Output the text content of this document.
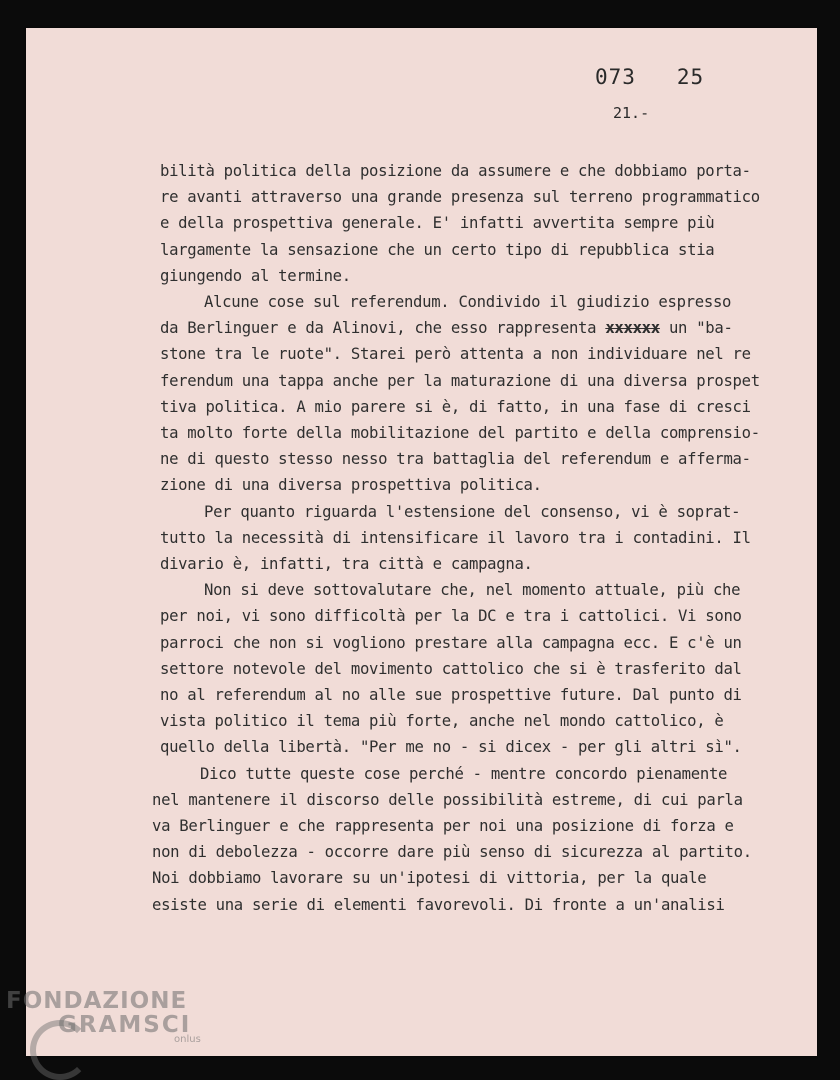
073   25
21.-
bilità politica della posizione da assumere e che dobbiamo porta-
re avanti attraverso una grande presenza sul terreno programmatico
e della prospettiva generale. E' infatti avvertita sempre più
largamente la sensazione che un certo tipo di repubblica stia
giungendo al termine.
Alcune cose sul referendum. Condivido il giudizio espresso
da Berlinguer e da Alinovi, che esso rappresenta xxxxxx un "ba-
stone tra le ruote". Starei però attenta a non individuare nel re
ferendum una tappa anche per la maturazione di una diversa prospet
tiva politica. A mio parere si è, di fatto, in una fase di cresci
ta molto forte della mobilitazione del partito e della comprensio-
ne di questo stesso nesso tra battaglia del referendum e afferma-
zione di una diversa prospettiva politica.
Per quanto riguarda l'estensione del consenso, vi è soprat-
tutto la necessità di intensificare il lavoro tra i contadini. Il
divario è, infatti, tra città e campagna.
Non si deve sottovalutare che, nel momento attuale, più che
per noi, vi sono difficoltà per la DC e tra i cattolici. Vi sono
parroci che non si vogliono prestare alla campagna ecc. E c'è un
settore notevole del movimento cattolico che si è trasferito dal
no al referendum al no alle sue prospettive future. Dal punto di
vista politico il tema più forte, anche nel mondo cattolico, è
quello della libertà. "Per me no - si dicex - per gli altri sì".
Dico tutte queste cose perché - mentre concordo pienamente
nel mantenere il discorso delle possibilità estreme, di cui parla
va Berlinguer e che rappresenta per noi una posizione di forza e
non di debolezza - occorre dare più senso di sicurezza al partito.
Noi dobbiamo lavorare su un'ipotesi di vittoria, per la quale
esiste una serie di elementi favorevoli. Di fronte a un'analisi
FONDAZIONE
GRAMSCI
onlus
